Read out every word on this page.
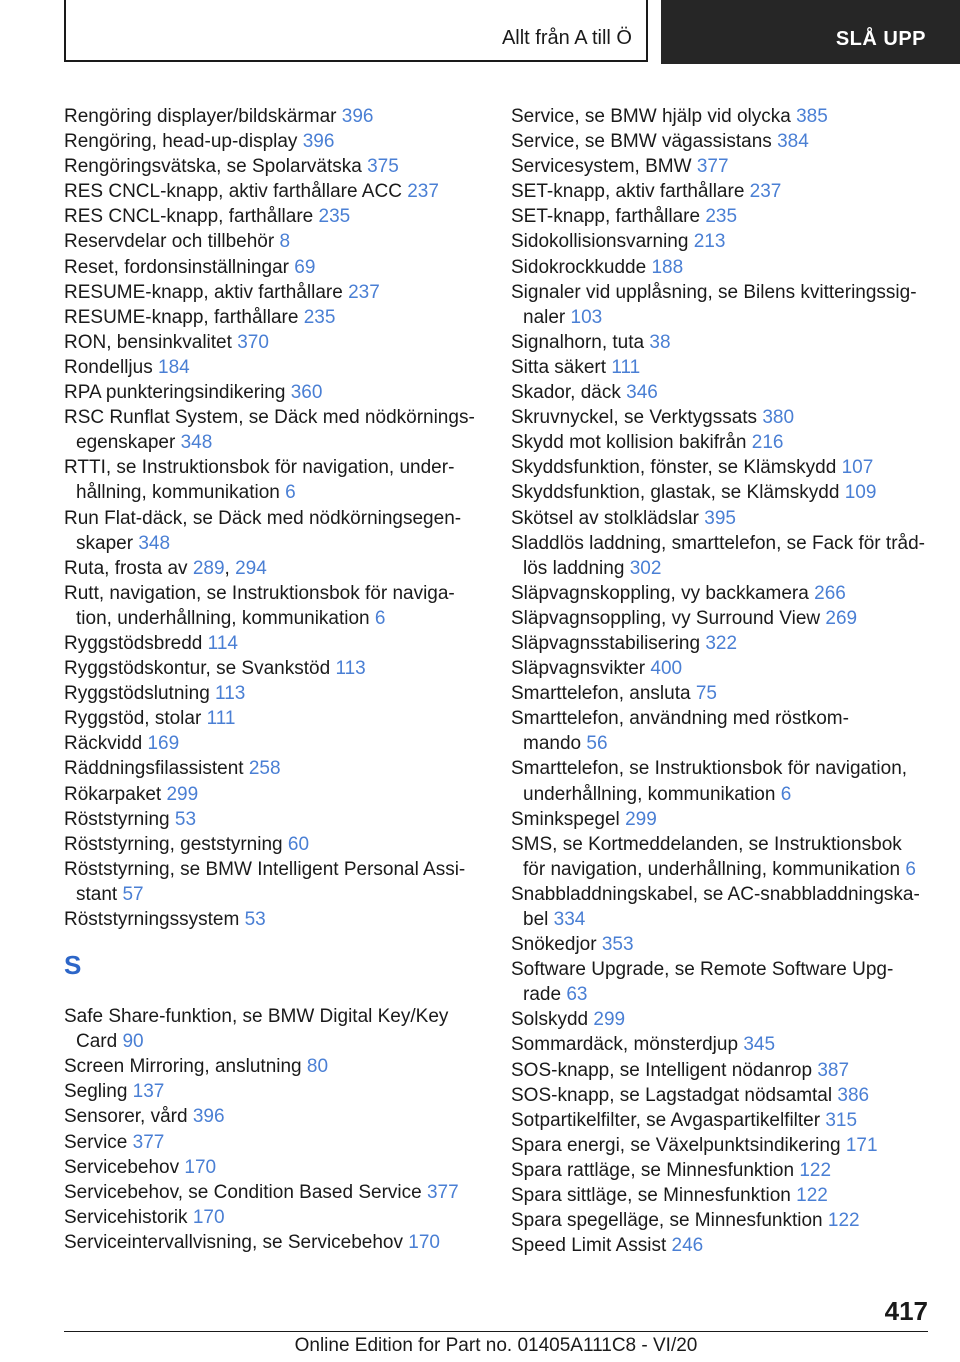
Allt från A till Ö	SLÅ UPP
Rengöring displayer/bildskärmar 396
Rengöring, head-up-display 396
Rengöringsvätska, se Spolarvätska 375
RES CNCL-knapp, aktiv farthållare ACC 237
RES CNCL-knapp, farthållare 235
Reservdelar och tillbehör 8
Reset, fordonsinställningar 69
RESUME-knapp, aktiv farthållare 237
RESUME-knapp, farthållare 235
RON, bensinkvalitet 370
Rondelljus 184
RPA punkteringsindikering 360
RSC Runflat System, se Däck med nödkörnings‐
egenskaper 348
RTTI, se Instruktionsbok för navigation, under‐
hållning, kommunikation 6
Run Flat-däck, se Däck med nödkörningsegen‐
skaper 348
Ruta, frosta av 289, 294
Rutt, navigation, se Instruktionsbok för naviga‐
tion, underhållning, kommunikation 6
Ryggstödsbredd 114
Ryggstödskontur, se Svankstöd 113
Ryggstödslutning 113
Ryggstöd, stolar 111
Räckvidd 169
Räddningsfilassistent 258
Rökarpaket 299
Röststyrning 53
Röststyrning, geststyrning 60
Röststyrning, se BMW Intelligent Personal Assi‐
stant 57
Röststyrningssystem 53
S
Safe Share-funktion, se BMW Digital Key/Key
Card 90
Screen Mirroring, anslutning 80
Segling 137
Sensorer, vård 396
Service 377
Servicebehov 170
Servicebehov, se Condition Based Service 377
Servicehistorik 170
Serviceintervallvisning, se Servicebehov 170
Service, se BMW hjälp vid olycka 385
Service, se BMW vägassistans 384
Servicesystem, BMW 377
SET-knapp, aktiv farthållare 237
SET-knapp, farthållare 235
Sidokollisionsvarning 213
Sidokrockkudde 188
Signaler vid upplåsning, se Bilens kvitteringssig‐
naler 103
Signalhorn, tuta 38
Sitta säkert 111
Skador, däck 346
Skruvnyckel, se Verktygssats 380
Skydd mot kollision bakifrån 216
Skyddsfunktion, fönster, se Klämskydd 107
Skyddsfunktion, glastak, se Klämskydd 109
Skötsel av stolklädslar 395
Sladdlös laddning, smarttelefon, se Fack för tråd‐
lös laddning 302
Släpvagnskoppling, vy backkamera 266
Släpvagnsoppling, vy Surround View 269
Släpvagnsstabilisering 322
Släpvagnsvikter 400
Smarttelefon, ansluta 75
Smarttelefon, användning med röstkom‐
mando 56
Smarttelefon, se Instruktionsbok för navigation,
underhållning, kommunikation 6
Sminkspegel 299
SMS, se Kortmeddelanden, se Instruktionsbok
för navigation, underhållning, kommunikation 6
Snabbladdningskabel, se AC-snabbladdningska‐
bel 334
Snökedjor 353
Software Upgrade, se Remote Software Upg‐
rade 63
Solskydd 299
Sommardäck, mönsterdjup 345
SOS-knapp, se Intelligent nödanrop 387
SOS-knapp, se Lagstadgat nödsamtal 386
Sotpartikelfilter, se Avgaspartikelfilter 315
Spara energi, se Växelpunktsindikering 171
Spara rattläge, se Minnesfunktion 122
Spara sittläge, se Minnesfunktion 122
Spara spegelläge, se Minnesfunktion 122
Speed Limit Assist 246
417
Online Edition for Part no. 01405A111C8 - VI/20
